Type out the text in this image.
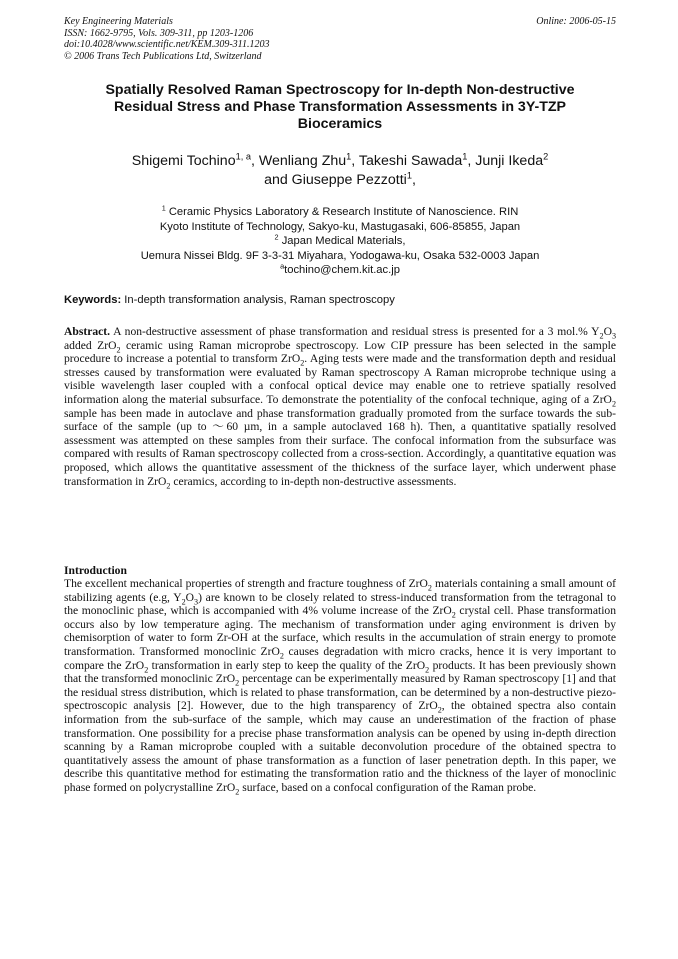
Key Engineering Materials
ISSN: 1662-9795, Vols. 309-311, pp 1203-1206
doi:10.4028/www.scientific.net/KEM.309-311.1203
© 2006 Trans Tech Publications Ltd, Switzerland
Online: 2006-05-15
Spatially Resolved Raman Spectroscopy for In-depth Non-destructive
Residual Stress and Phase Transformation Assessments in 3Y-TZP
Bioceramics
Shigemi Tochino$^{1, a}$, Wenliang Zhu$^1$, Takeshi Sawada$^1$, Junji Ikeda$^2$
and Giuseppe Pezzotti$^1$,
$^1$ Ceramic Physics Laboratory & Research Institute of Nanoscience. RIN
Kyoto Institute of Technology, Sakyo-ku, Mastugasaki, 606-85855, Japan
$^2$ Japan Medical Materials,
Uemura Nissei Bldg. 9F 3-3-31 Miyahara, Yodogawa-ku, Osaka 532-0003 Japan
$^a$tochino@chem.kit.ac.jp
Keywords: In-depth transformation analysis, Raman spectroscopy

Abstract. A non-destructive assessment of phase transformation and residual stress is presented for a 3 mol.% $Y_2O_3$ added ZrO$_2$ ceramic using Raman microprobe spectroscopy. Low CIP pressure has been selected in the sample procedure to increase a potential to transform ZrO$_2$. Aging tests were made and the transformation depth and residual stresses caused by transformation were evaluated by Raman spectroscopy A Raman microprobe technique using a visible wavelength laser coupled with a confocal optical device may enable one to retrieve spatially resolved information along the material subsurface. To demonstrate the potentiality of the confocal technique, aging of a ZrO$_2$ sample has been made in autoclave and phase transformation gradually promoted from the surface towards the sub-surface of the sample (up to ～60 µm, in a sample autoclaved 168 h). Then, a quantitative spatially resolved assessment was attempted on these samples from their surface. The confocal information from the subsurface was compared with results of Raman spectroscopy collected from a cross-section. Accordingly, a quantitative equation was proposed, which allows the quantitative assessment of the thickness of the surface layer, which underwent phase transformation in ZrO$_2$ ceramics, according to in-depth non-destructive assessments.

Introduction

The excellent mechanical properties of strength and fracture toughness of ZrO$_2$ materials containing a small amount of stabilizing agents (e.g, $Y_2O_3$) are known to be closely related to stress-induced transformation from the tetragonal to the monoclinic phase, which is accompanied with 4% volume increase of the ZrO$_2$ crystal cell. Phase transformation occurs also by low temperature aging. The mechanism of transformation under aging environment is driven by chemisorption of water to form Zr-OH at the surface, which results in the accumulation of strain energy to promote transformation. Transformed monoclinic ZrO$_2$ causes degradation with micro cracks, hence it is very important to compare the ZrO$_2$ transformation in early step to keep the quality of the ZrO$_2$ products. It has been previously shown that the transformed monoclinic ZrO$_2$ percentage can be experimentally measured by Raman spectroscopy [1] and that the residual stress distribution, which is related to phase transformation, can be determined by a non-destructive piezo-spectroscopic analysis [2]. However, due to the high transparency of ZrO$_2$, the obtained spectra also contain information from the sub-surface of the sample, which may cause an underestimation of the fraction of phase transformation. One possibility for a precise phase transformation analysis can be opened by using in-depth direction scanning by a Raman microprobe coupled with a suitable deconvolution procedure of the obtained spectra to quantitatively assess the amount of phase transformation as a function of laser penetration depth. In this paper, we describe this quantitative method for estimating the transformation ratio and the thickness of the layer of monoclinic phase formed on polycrystalline ZrO$_2$ surface, based on a confocal configuration of the Raman probe.
